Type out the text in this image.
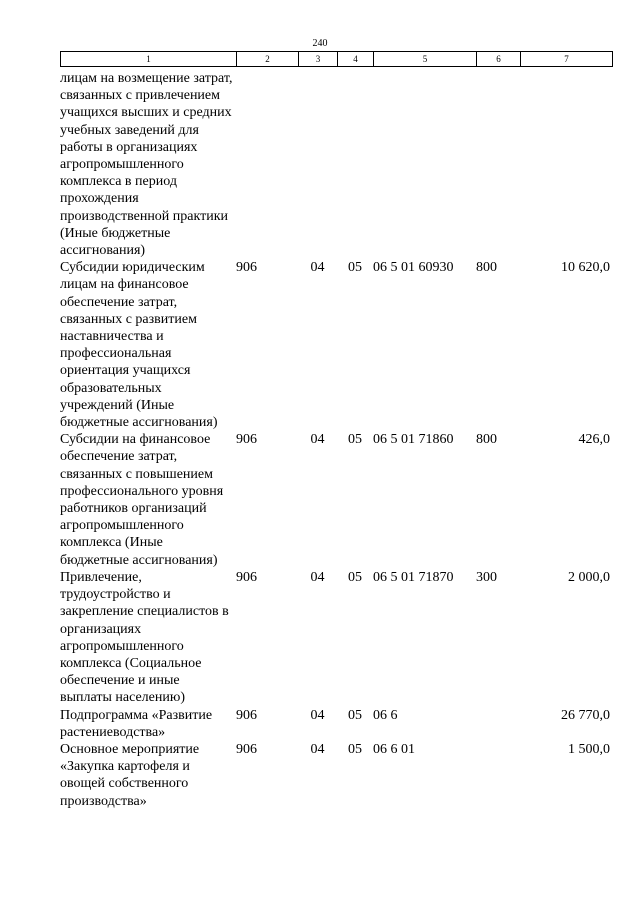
240
1	2	3	4	5	6	7
лицам на возмещение затрат, связанных с привлечением учащихся высших и средних учебных заведений для работы в организациях агропромышленного комплекса в период прохождения производственной практики (Иные бюджетные ассигнования)						
Субсидии юридическим лицам на финансовое обеспечение затрат, связанных с развитием наставничества и профессиональная ориентация учащихся образовательных учреждений (Иные бюджетные ассигнования)	906	04	05	06 5 01 60930	800	10 620,0
Субсидии на финансовое обеспечение затрат, связанных с повышением профессионального уровня работников организаций агропромышленного комплекса (Иные бюджетные ассигнования)	906	04	05	06 5 01 71860	800	426,0
Привлечение, трудоустройство и закрепление специалистов в организациях агропромышленного комплекса (Социальное обеспечение и иные выплаты населению)	906	04	05	06 5 01 71870	300	2 000,0
Подпрограмма «Развитие растениеводства»	906	04	05	06 6		26 770,0
Основное мероприятие «Закупка картофеля и овощей собственного производства»	906	04	05	06 6 01		1 500,0
